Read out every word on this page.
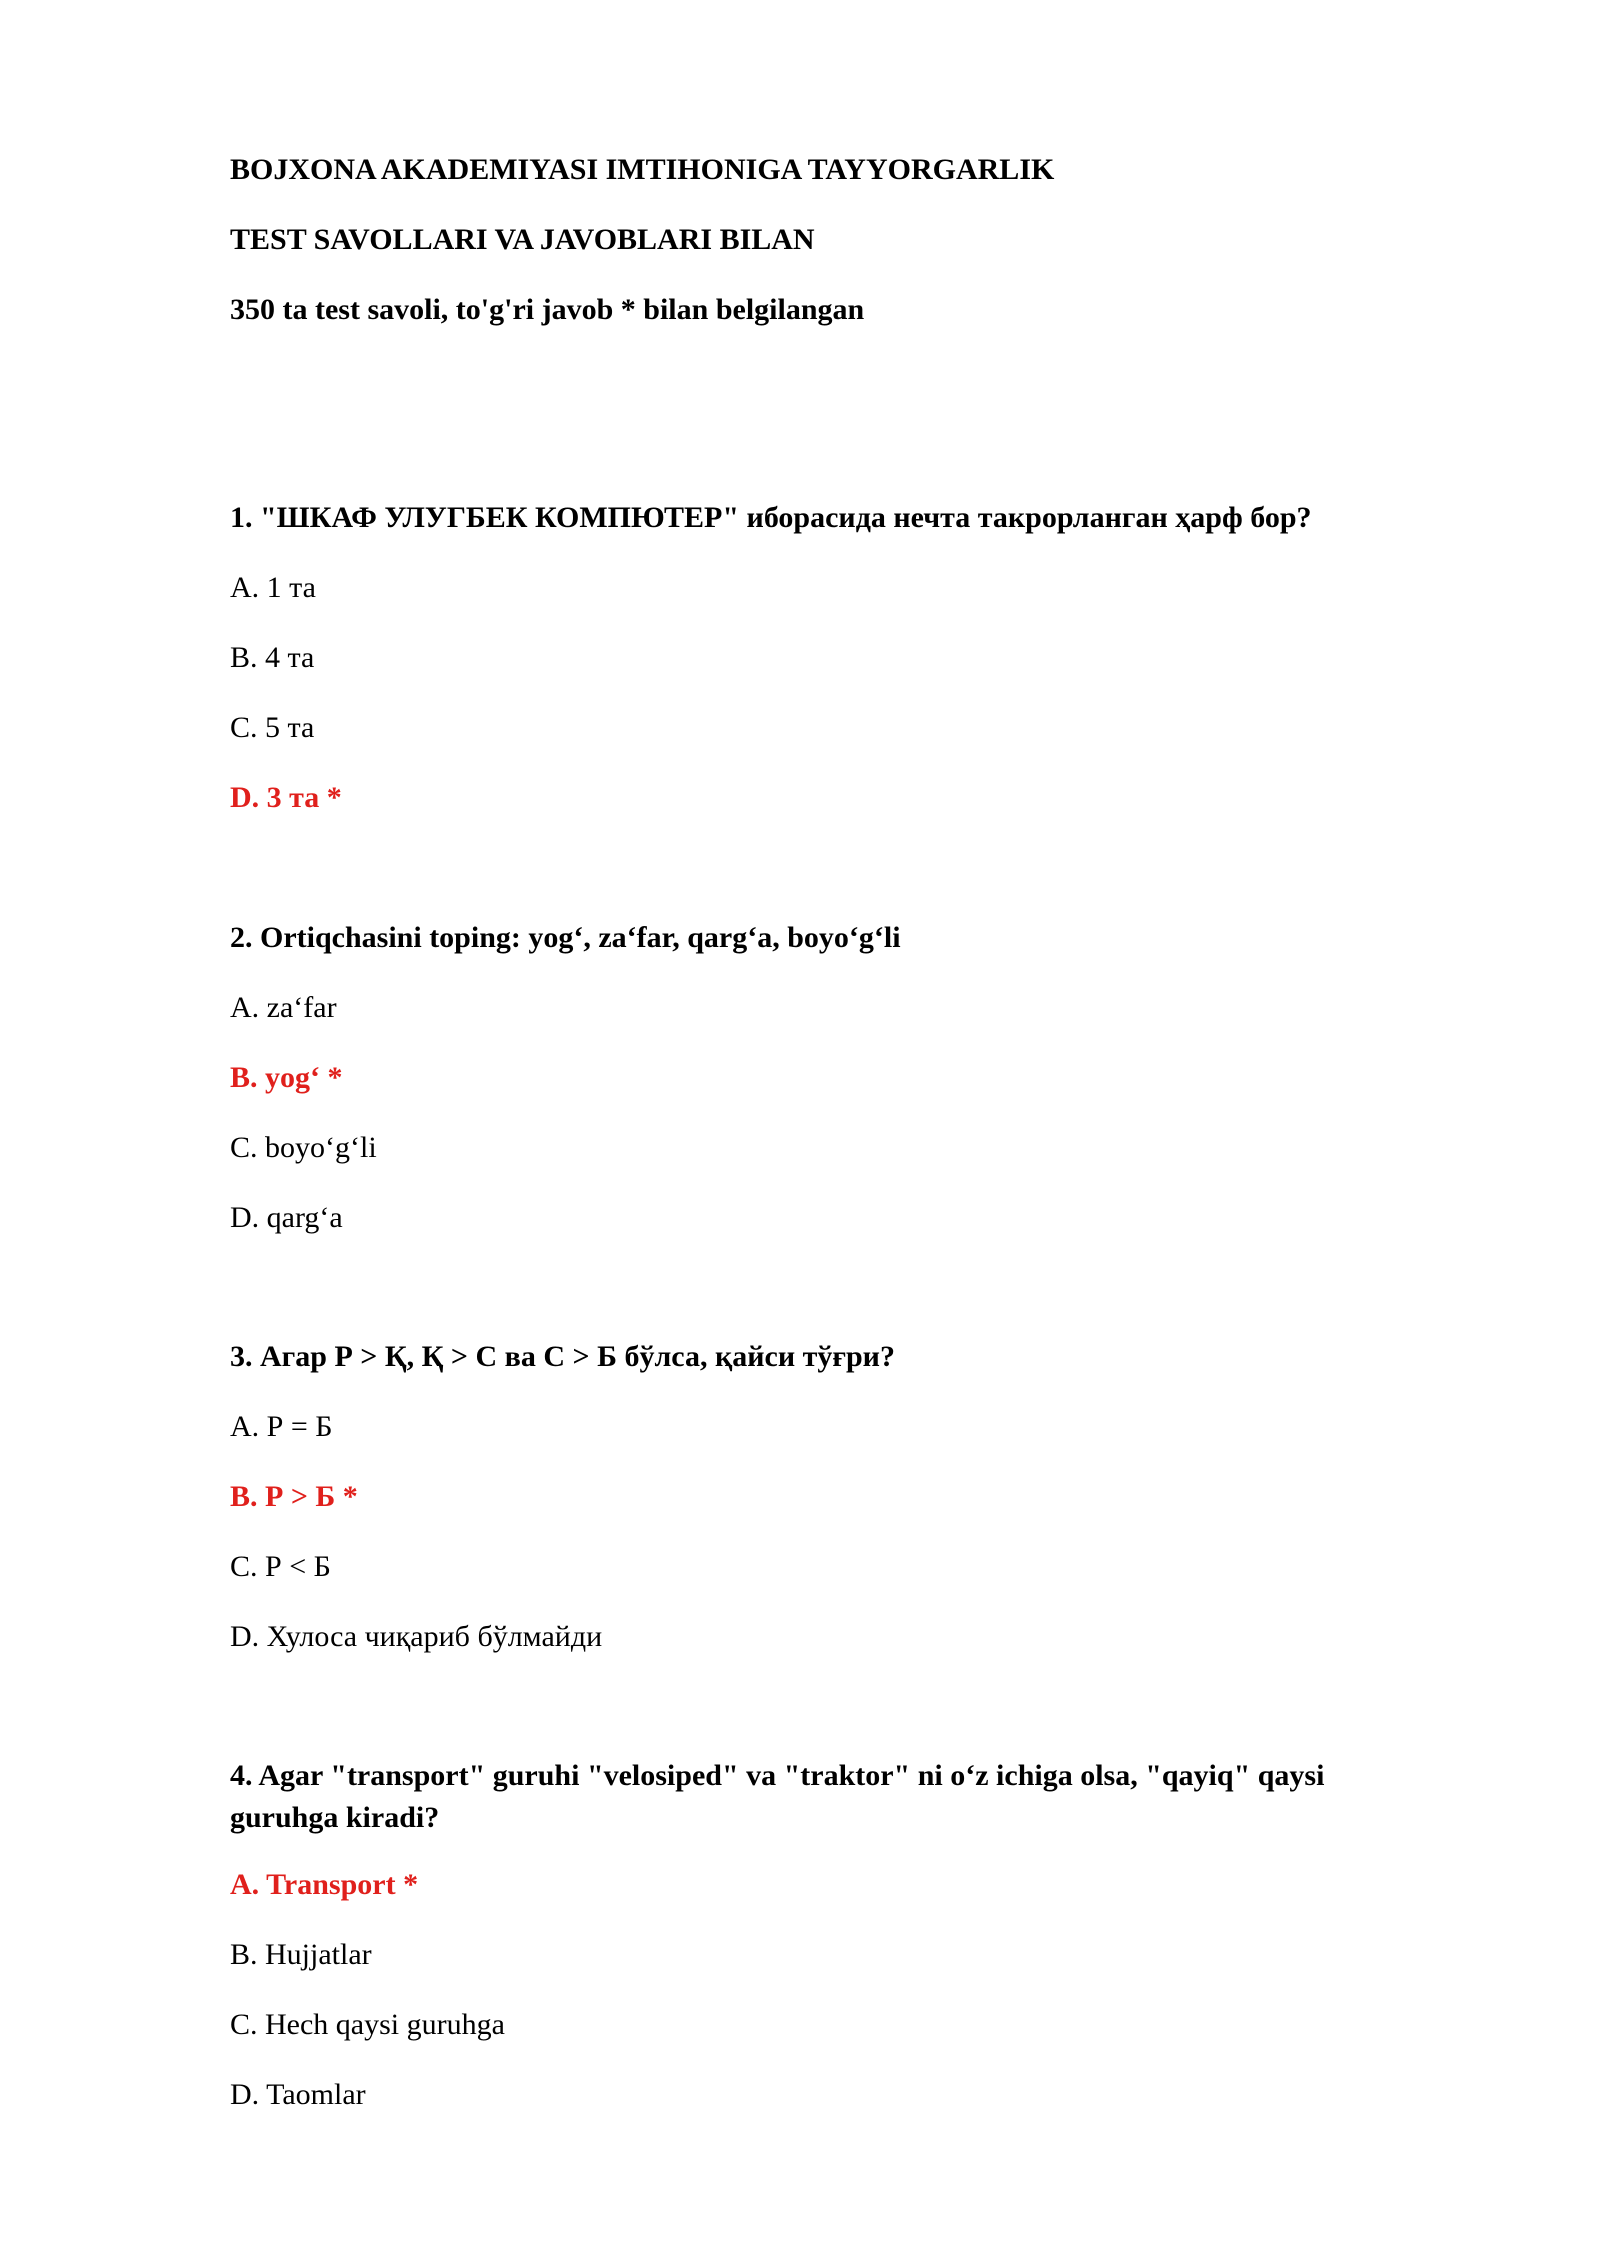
BOJXONA AKADEMIYASI IMTIHONIGA TAYYORGARLIK

TEST SAVOLLARI VA JAVOBLARI BILAN

350 ta test savoli, to'g'ri javob * bilan belgilangan

1. "ШКАФ УЛУГБЕК КОМПЮТЕР" иборасида нечта такрорланган ҳарф бор?

A. 1 та

B. 4 та

C. 5 та

D. 3 та *

2. Ortiqchasini toping: yog‘, za‘far, qarg‘a, boyo‘g‘li

A. za‘far

B. yog‘ *

C. boyo‘g‘li

D. qarg‘a

3. Агар Р > Қ, Қ > С ва С > Б бўлса, қайси тўғри?

A. Р = Б

B. Р > Б *

C. Р < Б

D. Хулоса чиқариб бўлмайди

4. Agar "transport" guruhi "velosiped" va "traktor" ni o‘z ichiga olsa, "qayiq" qaysi guruhga kiradi?

A. Transport *

B. Hujjatlar

C. Hech qaysi guruhga

D. Taomlar
